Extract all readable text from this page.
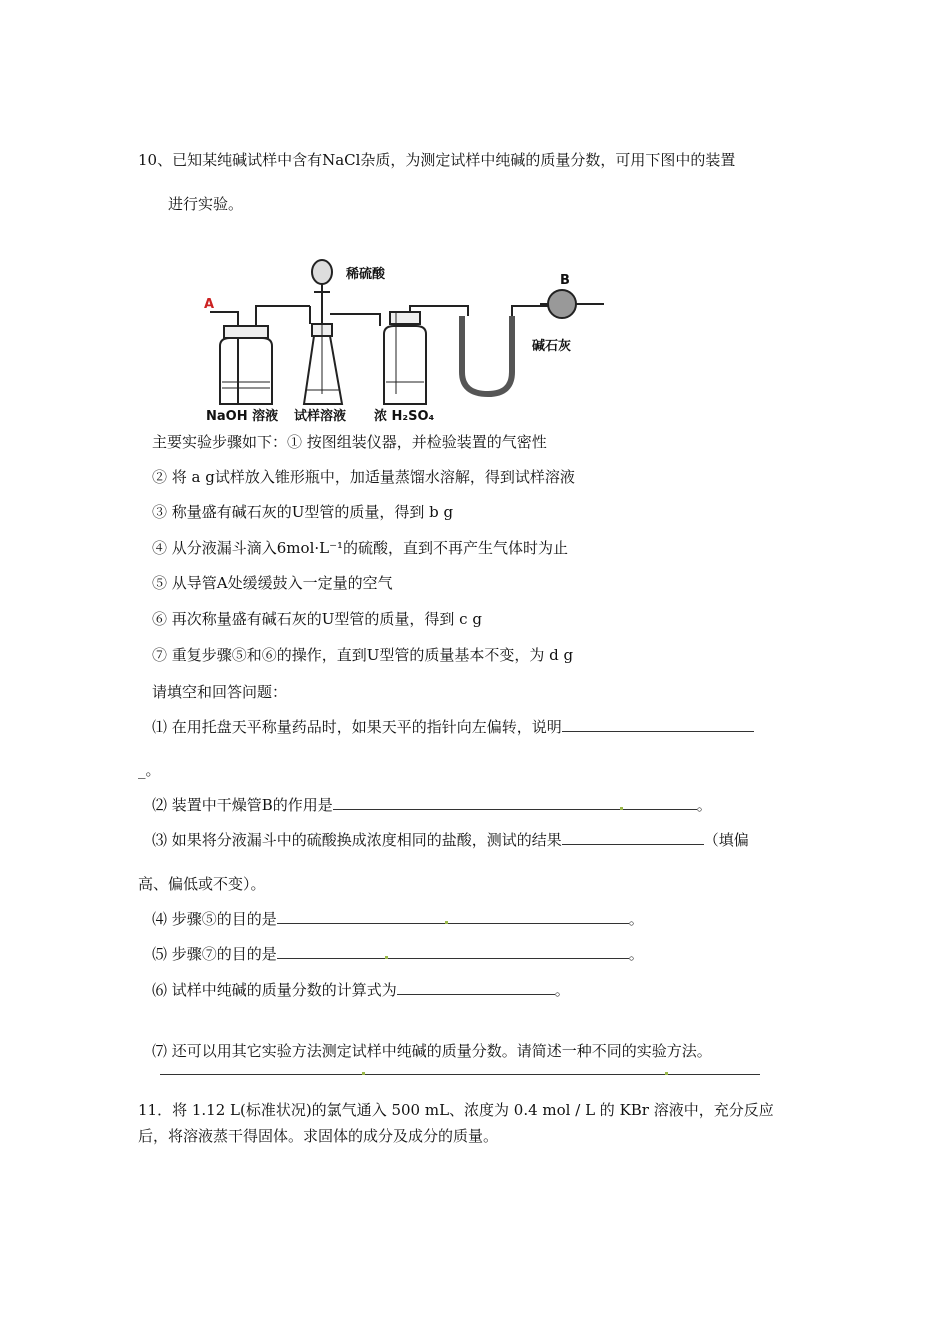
10、已知某纯碱试样中含有NaCl杂质，为测定试样中纯碱的质量分数，可用下图中的装置
进行实验。
A
B
稀硫酸
碱石灰
NaOH 溶液 试样溶液 浓 H₂SO₄
主要实验步骤如下：① 按图组装仪器，并检验装置的气密性
② 将 a g试样放入锥形瓶中，加适量蒸馏水溶解，得到试样溶液
③ 称量盛有碱石灰的U型管的质量，得到 b g
④ 从分液漏斗滴入6mol·L⁻¹的硫酸，直到不再产生气体时为止
⑤ 从导管A处缓缓鼓入一定量的空气
⑥ 再次称量盛有碱石灰的U型管的质量，得到 c g
⑦ 重复步骤⑤和⑥的操作，直到U型管的质量基本不变，为 d g
请填空和回答问题：
⑴ 在用托盘天平称量药品时，如果天平的指针向左偏转，说明
_。
⑵ 装置中干燥管B的作用是	。
⑶ 如果将分液漏斗中的硫酸换成浓度相同的盐酸，测试的结果	（填偏
高、偏低或不变）。
⑷ 步骤⑤的目的是	。
⑸ 步骤⑦的目的是	。
⑹ 试样中纯碱的质量分数的计算式为	。
⑺ 还可以用其它实验方法测定试样中纯碱的质量分数。请简述一种不同的实验方法。
11．将 1.12 L(标准状况)的氯气通入 500 mL、浓度为 0.4 mol / L 的 KBr 溶液中，充分反应
后，将溶液蒸干得固体。求固体的成分及成分的质量。
